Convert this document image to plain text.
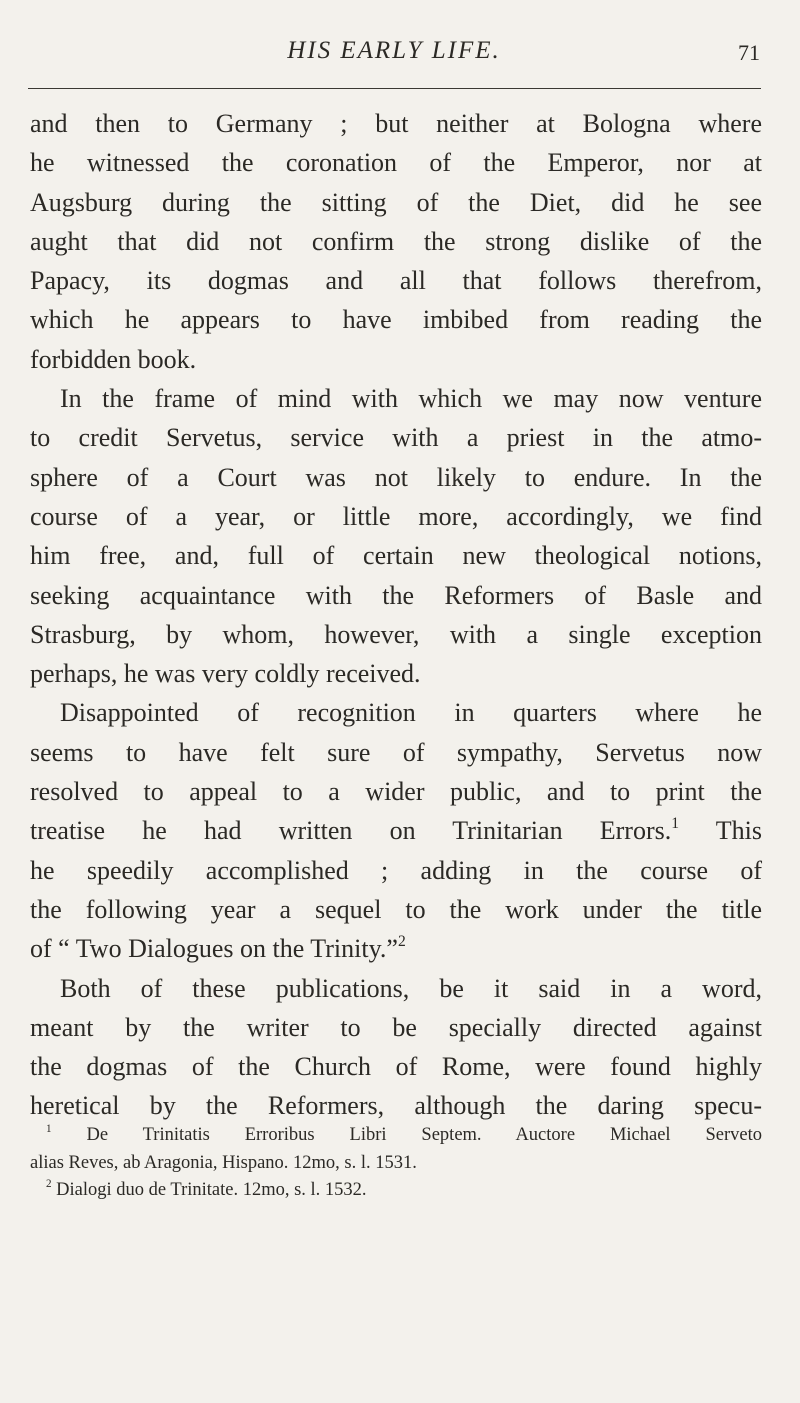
HIS EARLY LIFE.	71
and then to Germany ; but neither at Bologna where
he witnessed the coronation of the Emperor, nor at
Augsburg during the sitting of the Diet, did he see
aught that did not confirm the strong dislike of the
Papacy, its dogmas and all that follows therefrom,
which he appears to have imbibed from reading the
forbidden book.
In the frame of mind with which we may now venture
to credit Servetus, service with a priest in the atmo-
sphere of a Court was not likely to endure. In the
course of a year, or little more, accordingly, we find
him free, and, full of certain new theological notions,
seeking acquaintance with the Reformers of Basle and
Strasburg, by whom, however, with a single exception
perhaps, he was very coldly received.
Disappointed of recognition in quarters where he
seems to have felt sure of sympathy, Servetus now
resolved to appeal to a wider public, and to print the
treatise he had written on Trinitarian Errors.$^1$ This
he speedily accomplished ; adding in the course of
the following year a sequel to the work under the title
of “ Two Dialogues on the Trinity.”$^2$
Both of these publications, be it said in a word,
meant by the writer to be specially directed against
the dogmas of the Church of Rome, were found highly
heretical by the Reformers, although the daring specu-
$^1$ De Trinitatis Erroribus Libri Septem. Auctore Michael Serveto
alias Reves, ab Aragonia, Hispano. 12mo, s. l. 1531.
$^2$ Dialogi duo de Trinitate. 12mo, s. l. 1532.
